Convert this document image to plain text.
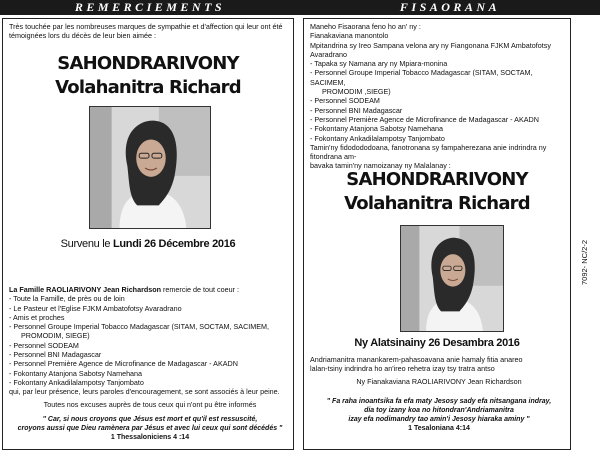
REMERCIEMENTS	FISAORANA
Très touchée par les nombreuses marques de sympathie et d'affection qui leur ont été témoignées lors du décès de leur bien aimée :
SAHONDRARIVONY
Volahanitra Richard
Survenu le Lundi 26 Décembre 2016
La Famille RAOLIARIVONY Jean Richardson remercie de tout coeur :
- Toute la Famille, de près ou de loin
- Le Pasteur et l'Eglise FJKM Ambatofotsy Avaradrano
- Amis et proches
- Personnel Groupe Imperial Tobacco Madagascar (SITAM, SOCTAM, SACIMEM,
PROMODIM, SIEGE)
- Personnel SODEAM
- Personnel BNI Madagascar
- Personnel Première Agence de Microfinance de Madagascar - AKADN
- Fokontany Atanjona Sabotsy Namehana
- Fokontany Ankadilalampotsy Tanjombato
qui, par leur présence, leurs paroles d'encouragement, se sont associés à leur peine.
Toutes nos excuses auprès de tous ceux qui n'ont pu être informés
" Car, si nous croyons que Jésus est mort et qu'il est ressuscité,
croyons aussi que Dieu ramènera par Jésus et avec lui ceux qui sont décédés "
1 Thessaloniciens 4 :14
Maneho Fisaorana feno ho an' ny :
Fianakaviana manontolo
Mpitandrina sy Ireo Sampana velona ary ny Fiangonana FJKM Ambatofotsy Avaradrano
- Tapaka sy Namana ary ny Mpiara-monina
- Personnel Groupe Imperial Tobacco Madagascar (SITAM, SOCTAM, SACIMEM,
PROMODIM ,SIEGE)
- Personnel SODEAM
- Personnel BNI Madagascar
- Personnel Première Agence de Microfinance de Madagascar - AKADN
- Fokontany Atanjona Sabotsy Namehana
- Fokontany Ankadilalampotsy Tanjombato
Tamin'ny fidodododoana, fanotronana sy fampaherezana anie indrindra ny fitondrana am-
bavaka tamin'ny namoizanay ny Malalanay :
SAHONDRARIVONY
Volahanitra Richard
Ny Alatsinainy 26 Desambra 2016
Andriamanitra manankarem-pahasoavana anie hamaly fitia anareo
lalan-tsiny indrindra ho an'ireo rehetra izay tsy tratra antso
Ny Fianakaviana RAOLIARIVONY Jean Richardson
" Fa raha inoantsika fa efa maty Jesosy sady efa nitsangana indray,
dia toy izany koa no hitondran'Andriamanitra
izay efa nodimandry tao amin'i Jesosy hiaraka aminy "
1 Tesaloniana 4:14
7092- NC/2-2
